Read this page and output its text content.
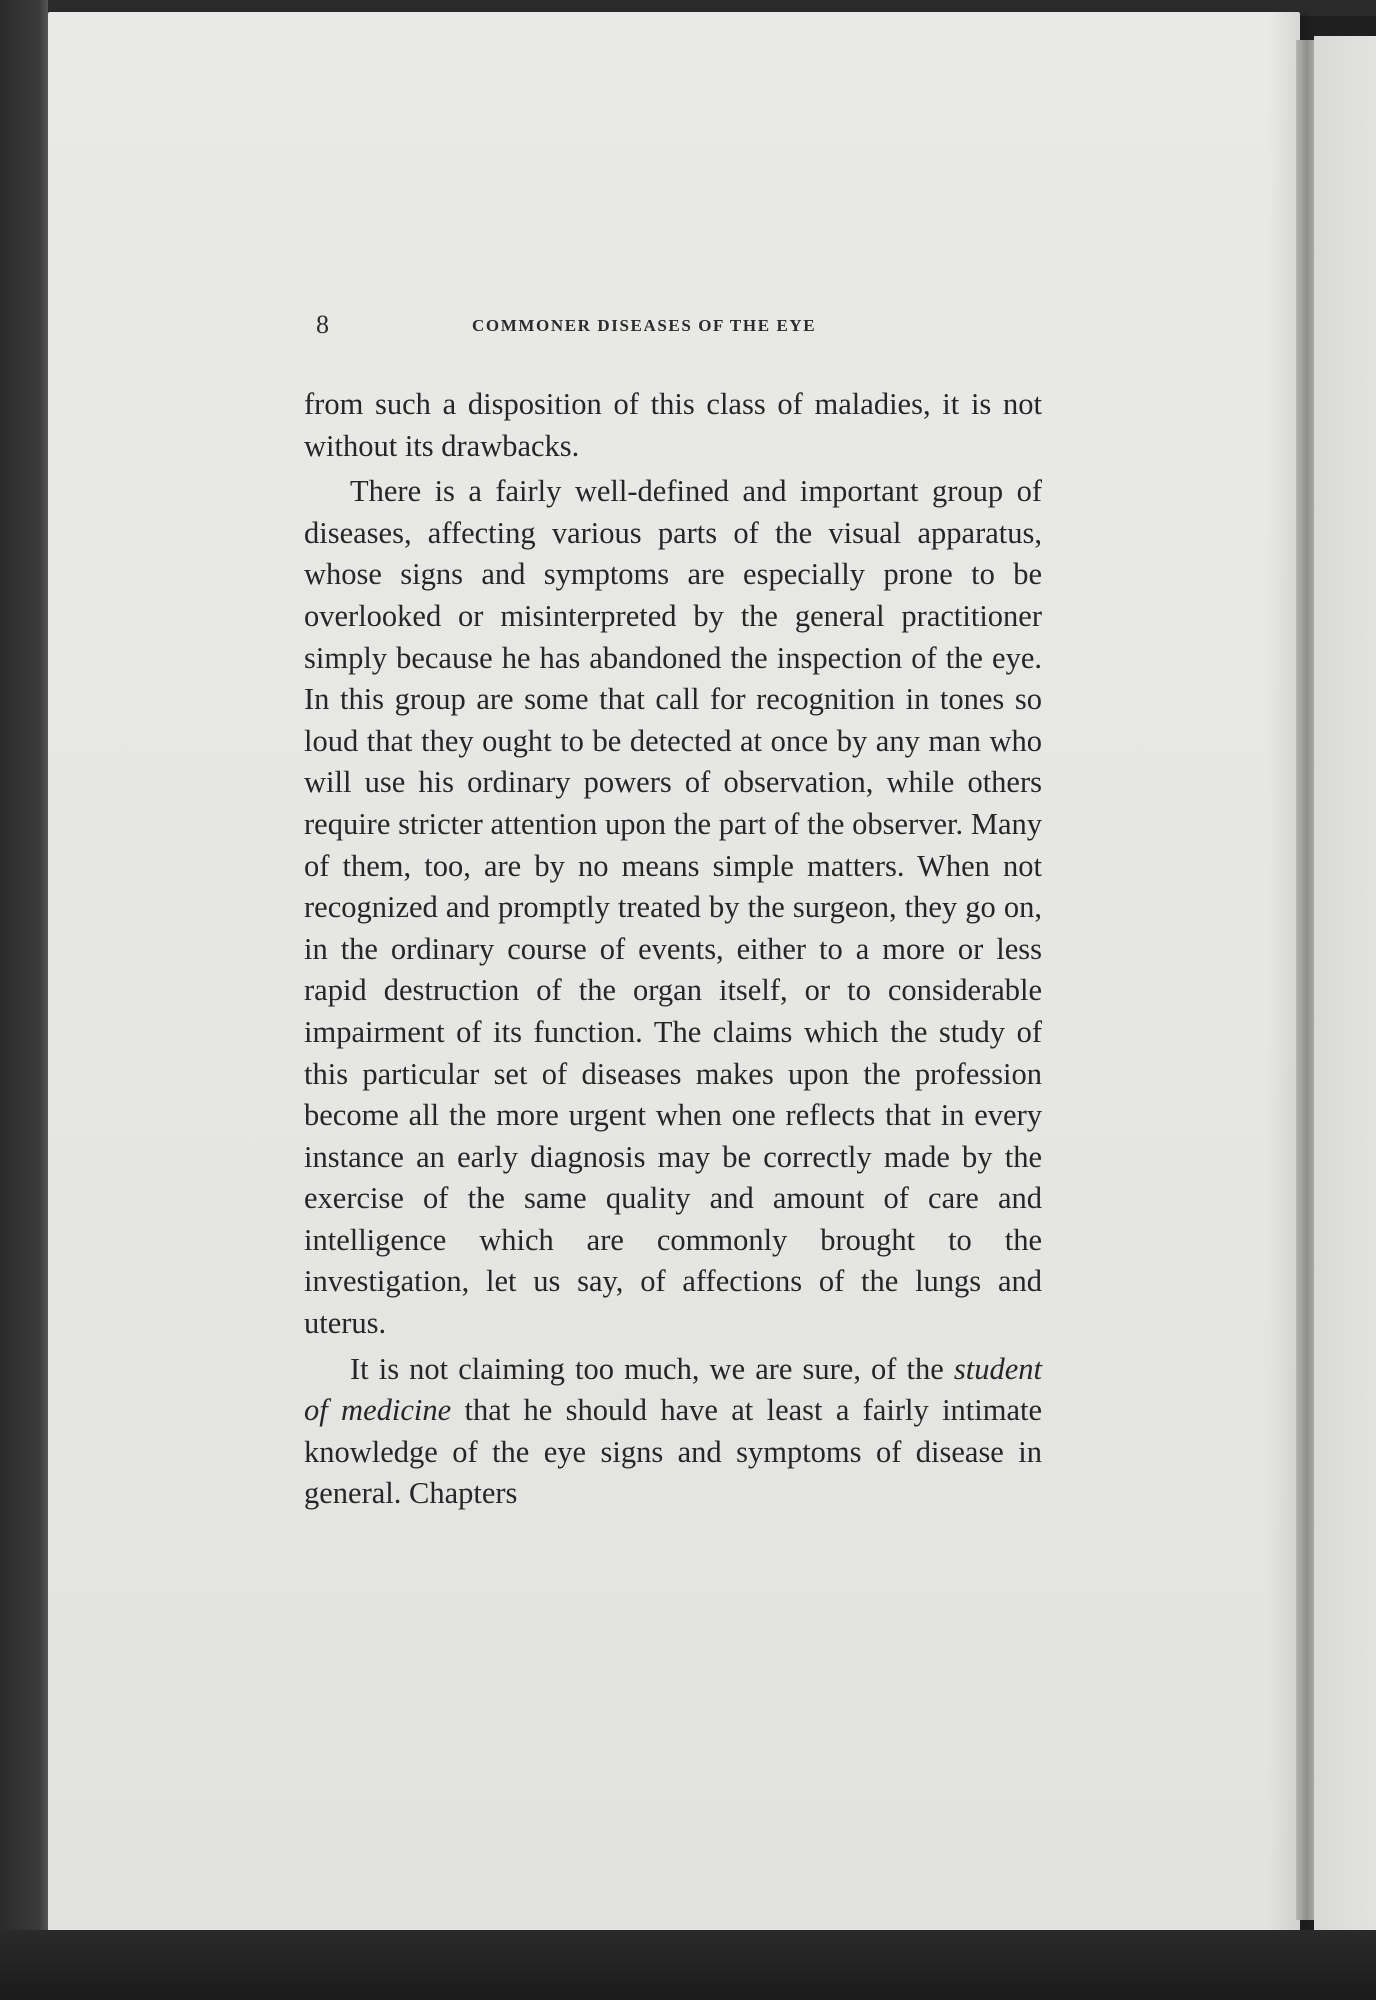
8	COMMONER DISEASES OF THE EYE

from such a disposition of this class of maladies, it is not without its drawbacks.

There is a fairly well-defined and important group of diseases, affecting various parts of the visual apparatus, whose signs and symptoms are especially prone to be overlooked or misinterpreted by the general practitioner simply because he has abandoned the inspection of the eye. In this group are some that call for recognition in tones so loud that they ought to be detected at once by any man who will use his ordinary powers of observation, while others require stricter attention upon the part of the observer. Many of them, too, are by no means simple matters. When not recognized and promptly treated by the surgeon, they go on, in the ordinary course of events, either to a more or less rapid destruction of the organ itself, or to considerable impairment of its function. The claims which the study of this particular set of diseases makes upon the profession become all the more urgent when one reflects that in every instance an early diagnosis may be correctly made by the exercise of the same quality and amount of care and intelligence which are commonly brought to the investigation, let us say, of affections of the lungs and uterus.

It is not claiming too much, we are sure, of the student of medicine that he should have at least a fairly intimate knowledge of the eye signs and symptoms of disease in general. Chapters
